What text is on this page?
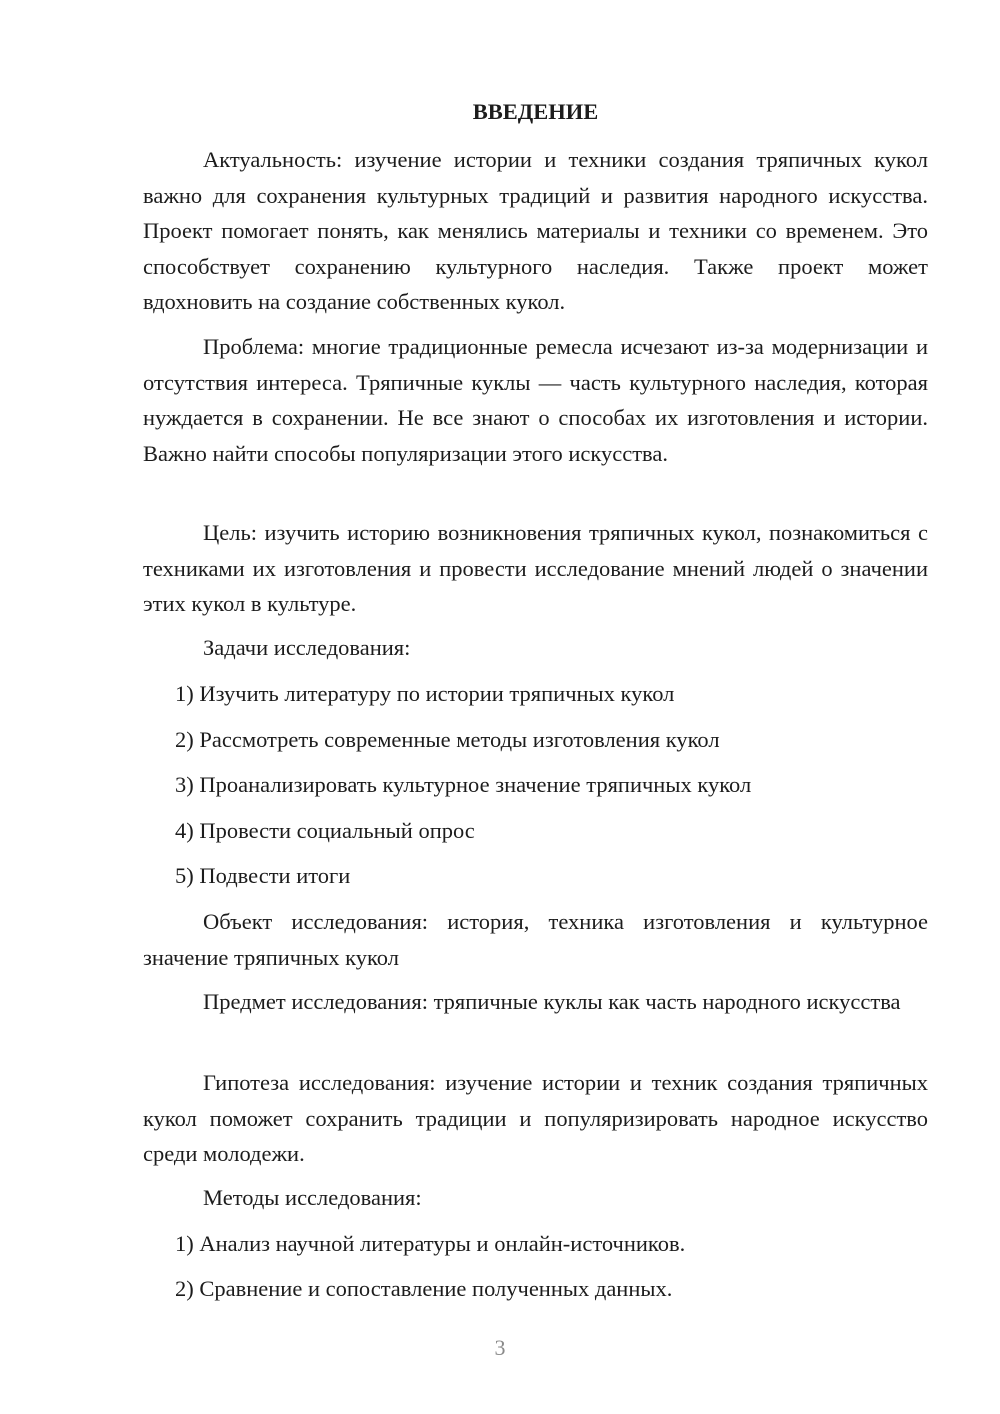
ВВЕДЕНИЕ

Актуальность: изучение истории и техники создания тряпичных кукол важно для сохранения культурных традиций и развития народного искусства. Проект помогает понять, как менялись материалы и техники со временем. Это способствует сохранению культурного наследия. Также проект может вдохновить на создание собственных кукол.

Проблема: многие традиционные ремесла исчезают из-за модернизации и отсутствия интереса. Тряпичные куклы — часть культурного наследия, которая нуждается в сохранении. Не все знают о способах их изготовления и истории. Важно найти способы популяризации этого искусства.

Цель: изучить историю возникновения тряпичных кукол, познакомиться с техниками их изготовления и провести исследование мнений людей о значении этих кукол в культуре.

Задачи исследования:

1) Изучить литературу по истории тряпичных кукол

2) Рассмотреть современные методы изготовления кукол

3) Проанализировать культурное значение тряпичных кукол

4) Провести социальный опрос

5) Подвести итоги

Объект исследования: история, техника изготовления и культурное значение тряпичных кукол

Предмет исследования: тряпичные куклы как часть народного искусства

Гипотеза исследования: изучение истории и техник создания тряпичных кукол поможет сохранить традиции и популяризировать народное искусство среди молодежи.

Методы исследования:

1) Анализ научной литературы и онлайн-источников.

2) Сравнение и сопоставление полученных данных.

3
